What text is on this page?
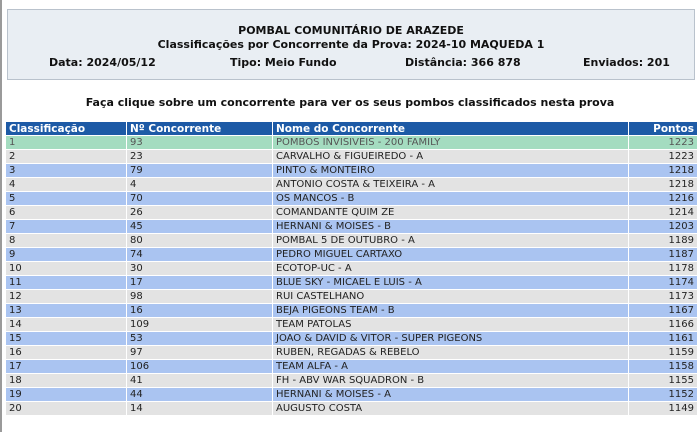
POMBAL COMUNITÁRIO DE ARAZEDE
Classificações por Concorrente da Prova: 2024-10 MAQUEDA 1
Data: 2024/05/12	Tipo: Meio Fundo	Distância: 366 878	Enviados: 201
Faça clique sobre um concorrente para ver os seus pombos classificados nesta prova
Classificação	Nº Concorrente	Nome do Concorrente	Pontos
1	93	POMBOS INVISIVEIS - 200 FAMILY	1223
2	23	CARVALHO & FIGUEIREDO - A	1223
3	79	PINTO & MONTEIRO	1218
4	4	ANTONIO COSTA & TEIXEIRA - A	1218
5	70	OS MANCOS - B	1216
6	26	COMANDANTE QUIM ZE	1214
7	45	HERNANI & MOISES - B	1203
8	80	POMBAL 5 DE OUTUBRO - A	1189
9	74	PEDRO MIGUEL CARTAXO	1187
10	30	ECOTOP-UC - A	1178
11	17	BLUE SKY - MICAEL E LUIS - A	1174
12	98	RUI CASTELHANO	1173
13	16	BEJA PIGEONS TEAM - B	1167
14	109	TEAM PATOLAS	1166
15	53	JOAO & DAVID & VITOR - SUPER PIGEONS	1161
16	97	RUBEN, REGADAS & REBELO	1159
17	106	TEAM ALFA - A	1158
18	41	FH - ABV WAR SQUADRON - B	1155
19	44	HERNANI & MOISES - A	1152
20	14	AUGUSTO COSTA	1149
